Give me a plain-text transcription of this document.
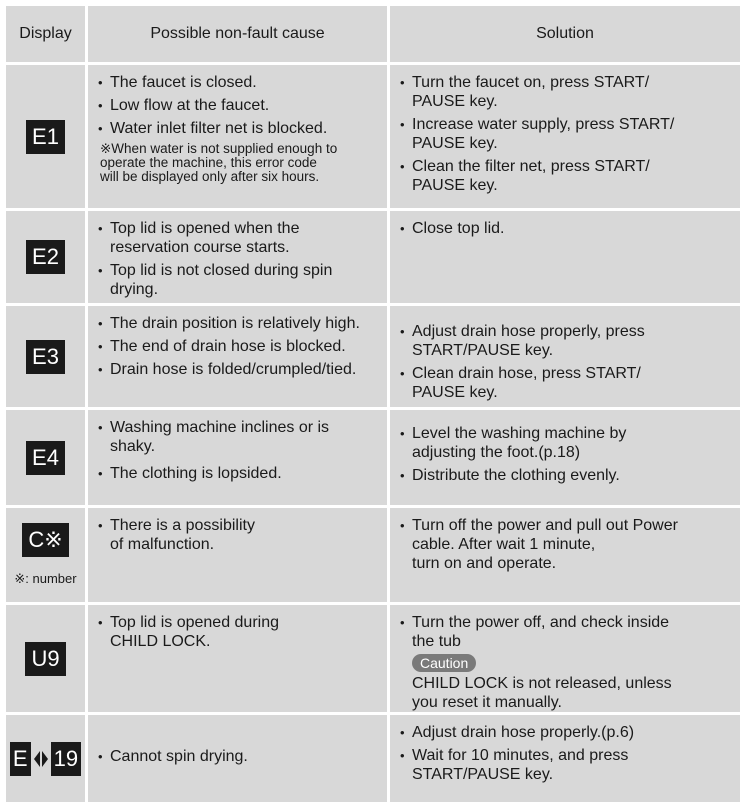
Display	Possible non-fault cause	Solution
E1
• The faucet is closed.
• Low flow at the faucet.
• Water inlet filter net is blocked.
※When water is not supplied enough to
operate the machine, this error code
will be displayed only after six hours.
• Turn the faucet on, press START/
PAUSE key.
• Increase water supply, press START/
PAUSE key.
• Clean the filter net, press START/
PAUSE key.
E2
• Top lid is opened when the
reservation course starts.
• Top lid is not closed during spin
drying.
• Close top lid.
E3
• The drain position is relatively high.
• The end of drain hose is blocked.
• Drain hose is folded/crumpled/tied.
• Adjust drain hose properly, press
START/PAUSE key.
• Clean drain hose, press START/
PAUSE key.
E4
• Washing machine inclines or is
shaky.
• The clothing is lopsided.
• Level the washing machine by
adjusting the foot.(p.18)
• Distribute the clothing evenly.
C※
※: number
• There is a possibility
of malfunction.
• Turn off the power and pull out Power
cable. After wait 1 minute,
turn on and operate.
U9
• Top lid is opened during
CHILD LOCK.
• Turn the power off, and check inside
the tub
Caution
CHILD LOCK is not released, unless
you reset it manually.
E 19
•	Cannot spin drying.
• Adjust drain hose properly.(p.6)
• Wait for 10 minutes, and press
START/PAUSE key.
